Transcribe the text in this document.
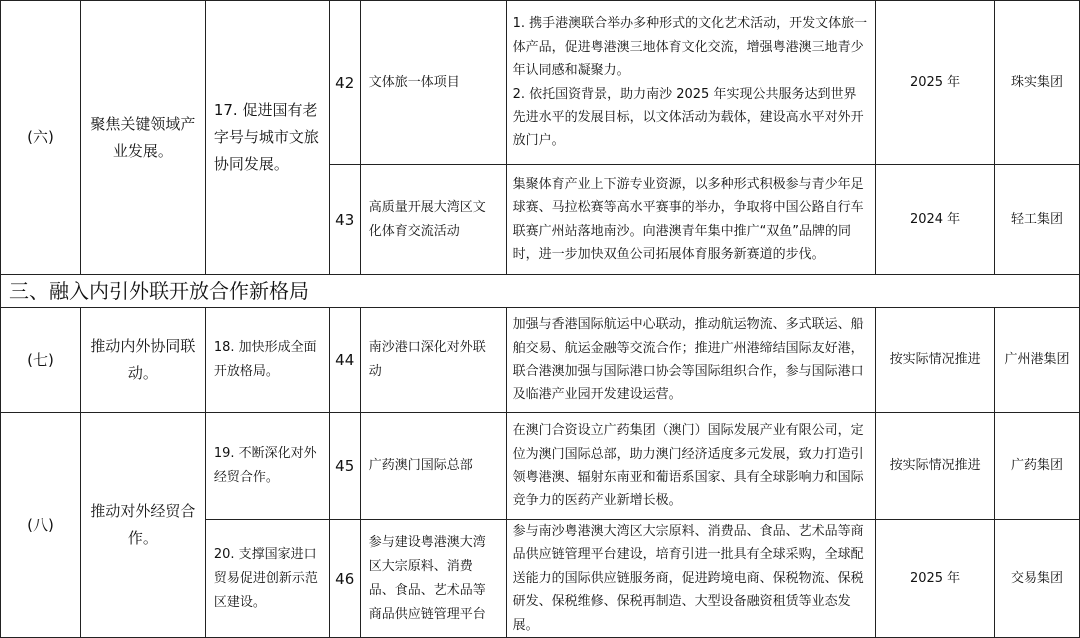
(六)	聚焦关键领域产业发展。	17. 促进国有老字号与城市文旅协同发展。	42	文体旅一体项目	1. 携手港澳联合举办多种形式的文化艺术活动，开发文体旅一体产品，促进粤港澳三地体育文化交流，增强粤港澳三地青少年认同感和凝聚力。
2. 依托国资背景，助力南沙 2025 年实现公共服务达到世界先进水平的发展目标，以文体活动为载体，建设高水平对外开放门户。	2025 年	珠实集团
			43	高质量开展大湾区文化体育交流活动	集聚体育产业上下游专业资源，以多种形式积极参与青少年足球赛、马拉松赛等高水平赛事的举办，争取将中国公路自行车联赛广州站落地南沙。向港澳青年集中推广“双鱼”品牌的同时，进一步加快双鱼公司拓展体育服务新赛道的步伐。	2024 年	轻工集团
三、融入内引外联开放合作新格局							
(七)	推动内外协同联动。	18. 加快形成全面开放格局。	44	南沙港口深化对外联动	加强与香港国际航运中心联动，推动航运物流、多式联运、船舶交易、航运金融等交流合作；推进广州港缔结国际友好港，联合港澳加强与国际港口协会等国际组织合作，参与国际港口及临港产业园开发建设运营。	按实际情况推进	广州港集团
(八)	推动对外经贸合作。	19. 不断深化对外经贸合作。	45	广药澳门国际总部	在澳门合资设立广药集团（澳门）国际发展产业有限公司，定位为澳门国际总部，助力澳门经济适度多元发展，致力打造引领粤港澳、辐射东南亚和葡语系国家、具有全球影响力和国际竞争力的医药产业新增长极。	按实际情况推进	广药集团
		20. 支撑国家进口贸易促进创新示范区建设。	46	参与建设粤港澳大湾区大宗原料、消费品、食品、艺术品等商品供应链管理平台	参与南沙粤港澳大湾区大宗原料、消费品、食品、艺术品等商品供应链管理平台建设，培育引进一批具有全球采购，全球配送能力的国际供应链服务商，促进跨境电商、保税物流、保税研发、保税维修、保税再制造、大型设备融资租赁等业态发展。	2025 年	交易集团
